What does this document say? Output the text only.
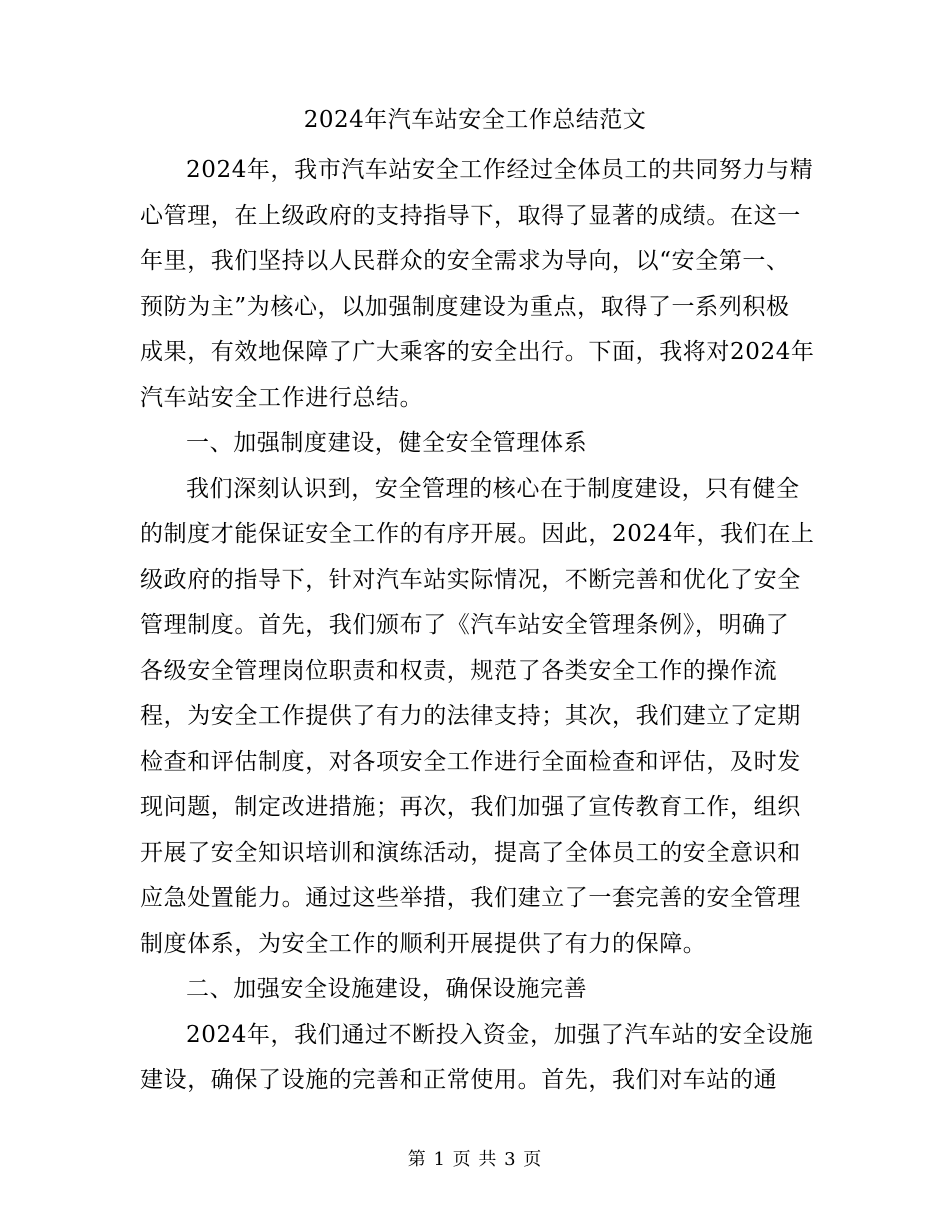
2024年汽车站安全工作总结范文
2024年，我市汽车站安全工作经过全体员工的共同努力与精
心管理，在上级政府的支持指导下，取得了显著的成绩。在这一
年里，我们坚持以人民群众的安全需求为导向，以“安全第一、
预防为主”为核心，以加强制度建设为重点，取得了一系列积极
成果，有效地保障了广大乘客的安全出行。下面，我将对2024年
汽车站安全工作进行总结。
一、加强制度建设，健全安全管理体系
我们深刻认识到，安全管理的核心在于制度建设，只有健全
的制度才能保证安全工作的有序开展。因此，2024年，我们在上
级政府的指导下，针对汽车站实际情况，不断完善和优化了安全
管理制度。首先，我们颁布了《汽车站安全管理条例》，明确了
各级安全管理岗位职责和权责，规范了各类安全工作的操作流
程，为安全工作提供了有力的法律支持；其次，我们建立了定期
检查和评估制度，对各项安全工作进行全面检查和评估，及时发
现问题，制定改进措施；再次，我们加强了宣传教育工作，组织
开展了安全知识培训和演练活动，提高了全体员工的安全意识和
应急处置能力。通过这些举措，我们建立了一套完善的安全管理
制度体系，为安全工作的顺利开展提供了有力的保障。
二、加强安全设施建设，确保设施完善
2024年，我们通过不断投入资金，加强了汽车站的安全设施
建设，确保了设施的完善和正常使用。首先，我们对车站的通
第 1 页 共 3 页
